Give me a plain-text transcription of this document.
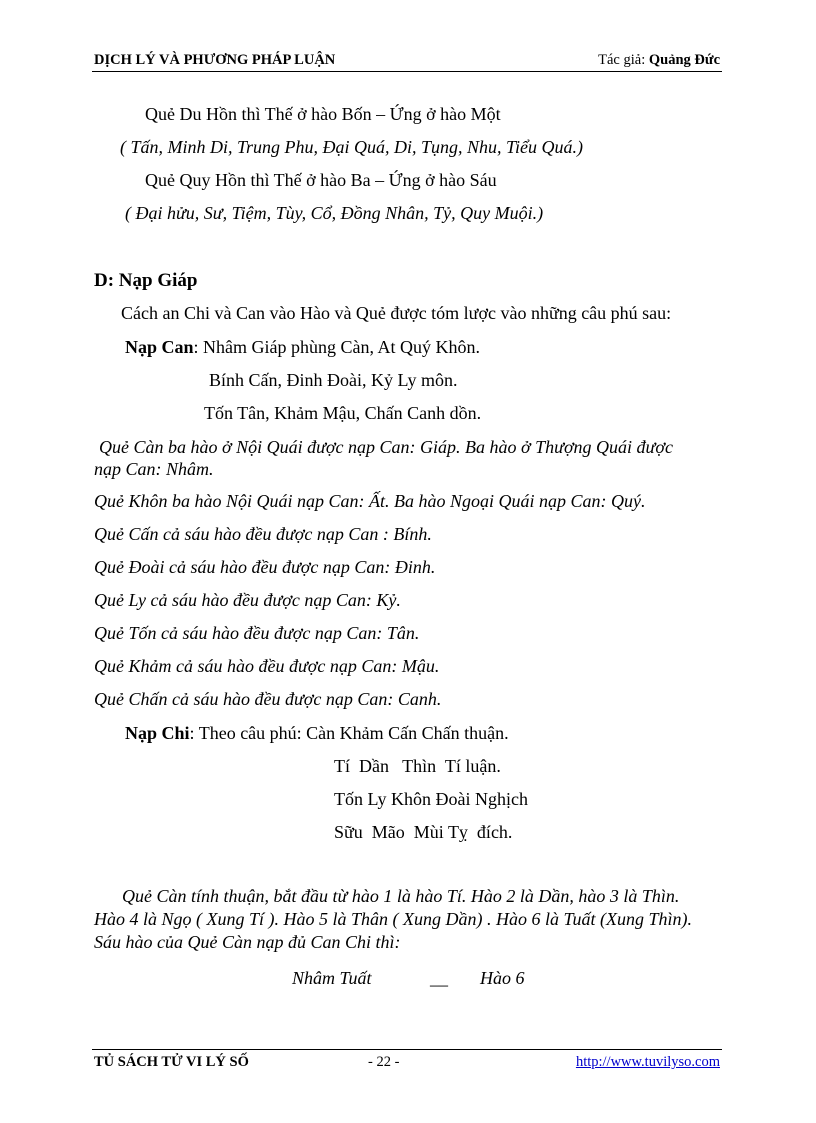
DỊCH LÝ VÀ PHƯƠNG PHÁP LUẬN	Tác giả: Quảng Đức
Quẻ Du Hồn thì Thế ở hào Bốn – Ứng ở hào Một
( Tấn, Minh Di, Trung Phu, Đại Quá, Di, Tụng, Nhu, Tiểu Quá.)
Quẻ Quy Hồn thì Thế ở hào Ba – Ứng ở hào Sáu
( Đại hửu, Sư, Tiệm, Tùy, Cổ, Đồng Nhân, Tỷ, Quy Muội.)
D: Nạp Giáp
Cách an Chi và Can vào Hào và Quẻ được tóm lược vào những câu phú sau:
Nạp Can: Nhâm Giáp phùng Càn, At Quý Khôn.
Bính Cấn, Đinh Đoài, Kỷ Ly môn.
Tốn Tân, Khảm Mậu, Chấn Canh dồn.
Quẻ Càn ba hào ở Nội Quái được nạp Can: Giáp. Ba hào ở Thượng Quái được
nạp Can: Nhâm.
Quẻ Khôn ba hào Nội Quái nạp Can: Ất. Ba hào Ngoại Quái nạp Can: Quý.
Quẻ Cấn cả sáu hào đều được nạp Can : Bính.
Quẻ Đoài cả sáu hào đều được nạp Can: Đinh.
Quẻ Ly cả sáu hào đều được nạp Can: Kỷ.
Quẻ Tốn cả sáu hào đều được nạp Can: Tân.
Quẻ Khảm cả sáu hào đều được nạp Can: Mậu.
Quẻ Chấn cả sáu hào đều được nạp Can: Canh.
Nạp Chi: Theo câu phú: Càn Khảm Cấn Chấn thuận.
Tí  Dần   Thìn  Tí luận.
Tốn Ly Khôn Đoài Nghịch
Sữu  Mão  Mùi Tỵ  đích.
Quẻ Càn tính thuận, bắt đầu từ hào 1 là hào Tí. Hào 2 là Dần, hào 3 là Thìn.
Hào 4 là Ngọ ( Xung Tí ). Hào 5 là Thân ( Xung Dần) . Hào 6 là Tuất (Xung Thìn).
Sáu hào của Quẻ Càn nạp đủ Can Chi thì:
Nhâm Tuất	__ Hào 6
TỦ SÁCH TỬ VI LÝ SỐ	- 22 -	http://www.tuvilyso.com
